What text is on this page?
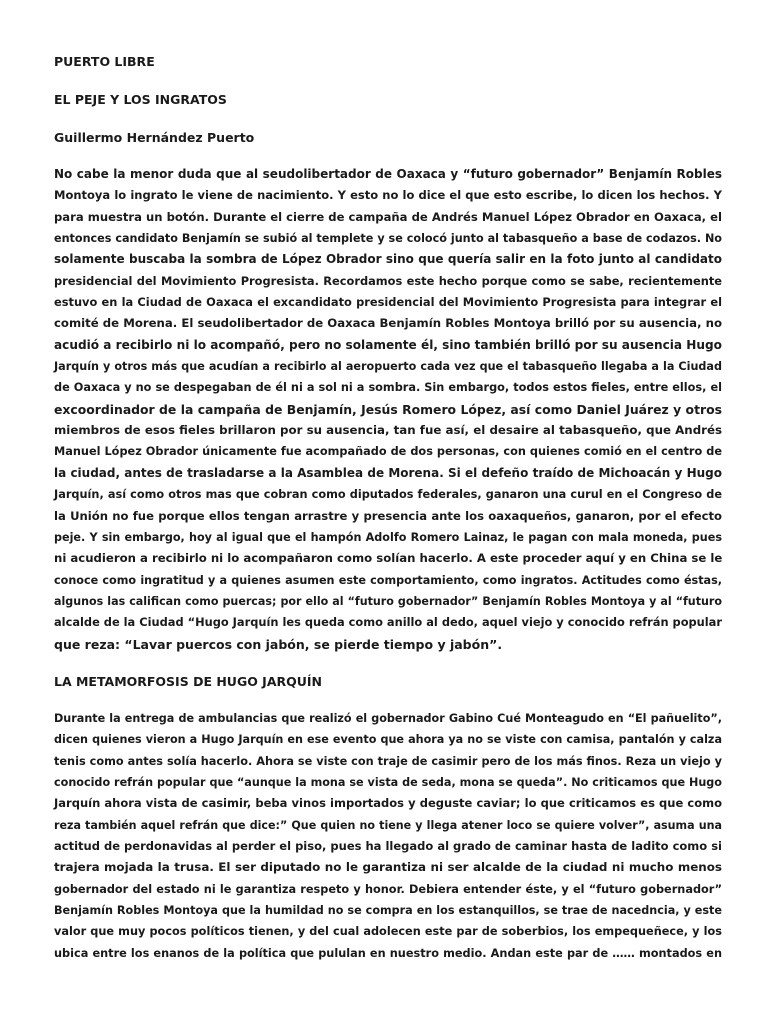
PUERTO LIBRE
EL PEJE Y LOS INGRATOS
Guillermo Hernández Puerto
No cabe la menor duda que al seudolibertador de Oaxaca y “futuro gobernador” Benjamín Robles
Montoya lo ingrato le viene de nacimiento. Y esto no lo dice el que esto escribe, lo dicen los hechos. Y
para muestra un botón. Durante el cierre de campaña de Andrés Manuel López Obrador en Oaxaca, el
entonces candidato Benjamín se subió al templete y se colocó junto al tabasqueño a base de codazos. No
solamente buscaba la sombra de López Obrador sino que quería salir en la foto junto al candidato
presidencial del Movimiento Progresista. Recordamos este hecho porque como se sabe, recientemente
estuvo en la Ciudad de Oaxaca el excandidato presidencial del Movimiento Progresista para integrar el
comité de Morena. El seudolibertador de Oaxaca Benjamín Robles Montoya brilló por su ausencia, no
acudió a recibirlo ni lo acompañó, pero no solamente él, sino también brilló por su ausencia Hugo
Jarquín y otros más que acudían a recibirlo al aeropuerto cada vez que el tabasqueño llegaba a la Ciudad
de Oaxaca y no se despegaban de él ni a sol ni a sombra. Sin embargo, todos estos fieles, entre ellos, el
excoordinador de la campaña de Benjamín, Jesús Romero López, así como Daniel Juárez y otros
miembros de esos fieles brillaron por su ausencia, tan fue así, el desaire al tabasqueño, que Andrés
Manuel López Obrador únicamente fue acompañado de dos personas, con quienes comió en el centro de
la ciudad, antes de trasladarse a la Asamblea de Morena. Si el defeño traído de Michoacán y Hugo
Jarquín, así como otros mas que cobran como diputados federales, ganaron una curul en el Congreso de
la Unión no fue porque ellos tengan arrastre y presencia ante los oaxaqueños, ganaron, por el efecto
peje. Y sin embargo, hoy al igual que el hampón Adolfo Romero Lainaz, le pagan con mala moneda, pues
ni acudieron a recibirlo ni lo acompañaron como solían hacerlo. A este proceder aquí y en China se le
conoce como ingratitud y a quienes asumen este comportamiento, como ingratos. Actitudes como éstas,
algunos las califican como puercas; por ello al “futuro gobernador” Benjamín Robles Montoya y al “futuro
alcalde de la Ciudad “Hugo Jarquín les queda como anillo al dedo, aquel viejo y conocido refrán popular
que reza: “Lavar puercos con jabón, se pierde tiempo y jabón”.
LA METAMORFOSIS DE HUGO JARQUÍN
Durante la entrega de ambulancias que realizó el gobernador Gabino Cué Monteagudo en “El pañuelito”,
dicen quienes vieron a Hugo Jarquín en ese evento que ahora ya no se viste con camisa, pantalón y calza
tenis como antes solía hacerlo. Ahora se viste con traje de casimir pero de los más finos. Reza un viejo y
conocido refrán popular que “aunque la mona se vista de seda, mona se queda”. No criticamos que Hugo
Jarquín ahora vista de casimir, beba vinos importados y deguste caviar; lo que criticamos es que como
reza también aquel refrán que dice:” Que quien no tiene y llega atener loco se quiere volver”, asuma una
actitud de perdonavidas al perder el piso, pues ha llegado al grado de caminar hasta de ladito como si
trajera mojada la trusa. El ser diputado no le garantiza ni ser alcalde de la ciudad ni mucho menos
gobernador del estado ni le garantiza respeto y honor. Debiera entender éste, y el “futuro gobernador”
Benjamín Robles Montoya que la humildad no se compra en los estanquillos, se trae de nacedncia, y este
valor que muy pocos políticos tienen, y del cual adolecen este par de soberbios, los empequeñece, y los
ubica entre los enanos de la política que pululan en nuestro medio. Andan este par de …… montados en
